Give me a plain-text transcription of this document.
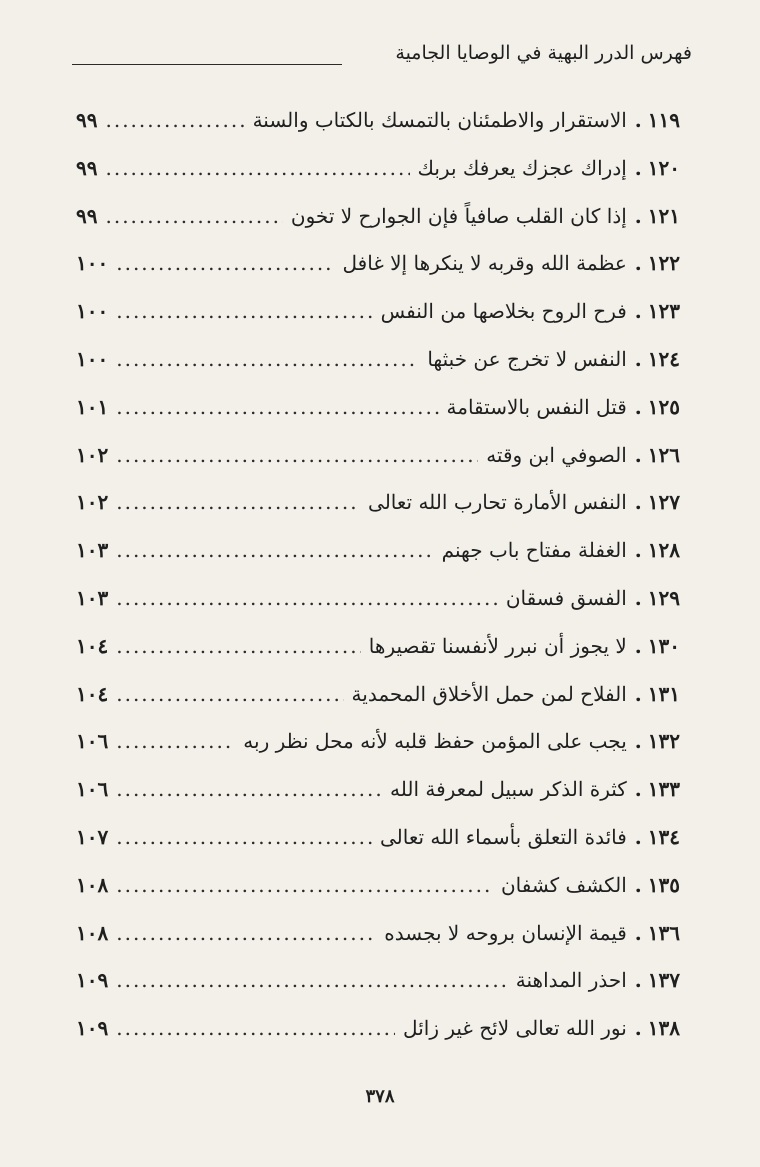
فهرس الدرر البهية في الوصايا الجامية
١١٩
.
الاستقرار والاطمئنان بالتمسك بالكتاب والسنة
.....
٩٩
١٢٠
.
إدراك عجزك يعرفك بربك
.....
٩٩
١٢١
.
إذا كان القلب صافياً فإن الجوارح لا تخون
.....
٩٩
١٢٢
.
عظمة الله وقربه لا ينكرها إلا غافل
.....
١٠٠
١٢٣
.
فرح الروح بخلاصها من النفس
.....
١٠٠
١٢٤
.
النفس لا تخرج عن خبثها
.....
١٠٠
١٢٥
.
قتل النفس بالاستقامة
.....
١٠١
١٢٦
.
الصوفي ابن وقته
.....
١٠٢
١٢٧
.
النفس الأمارة تحارب الله تعالى
.....
١٠٢
١٢٨
.
الغفلة مفتاح باب جهنم
.....
١٠٣
١٢٩
.
الفسق فسقان
.....
١٠٣
١٣٠
.
لا يجوز أن نبرر لأنفسنا تقصيرها
.....
١٠٤
١٣١
.
الفلاح لمن حمل الأخلاق المحمدية
.....
١٠٤
١٣٢
.
يجب على المؤمن حفظ قلبه لأنه محل نظر ربه
.....
١٠٦
١٣٣
.
كثرة الذكر سبيل لمعرفة الله
.....
١٠٦
١٣٤
.
فائدة التعلق بأسماء الله تعالى
.....
١٠٧
١٣٥
.
الكشف كشفان
.....
١٠٨
١٣٦
.
قيمة الإنسان بروحه لا بجسده
.....
١٠٨
١٣٧
.
احذر المداهنة
.....
١٠٩
١٣٨
.
نور الله تعالى لائح غير زائل
.....
١٠٩
٣٧٨
